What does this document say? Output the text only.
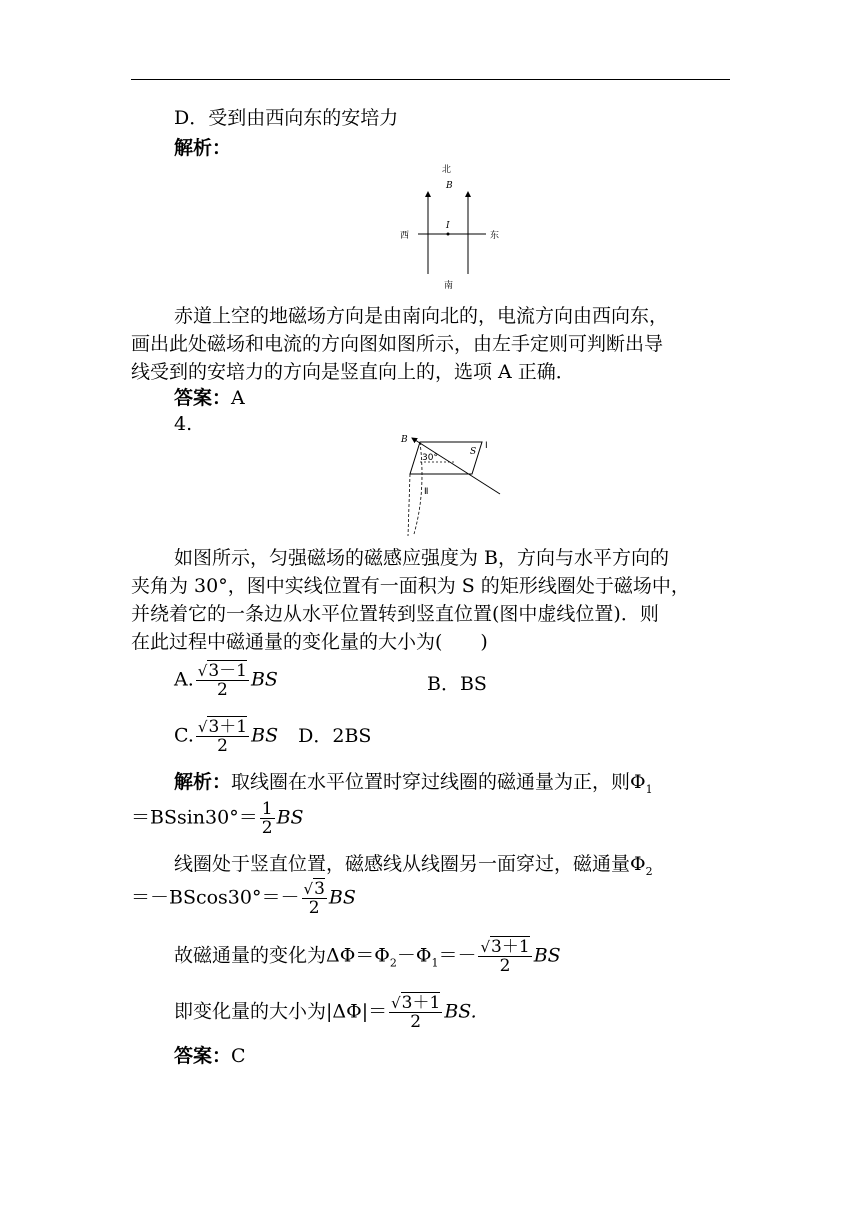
D．受到由西向东的安培力
解析：
北
B
I
西	东
南
赤道上空的地磁场方向是由南向北的，电流方向由西向东，
画出此处磁场和电流的方向图如图所示，由左手定则可判断出导
线受到的安培力的方向是竖直向上的，选项 A 正确．
答案：A
4.
B
30°
S
Ⅰ
Ⅱ
如图所示，匀强磁场的磁感应强度为 B，方向与水平方向的
夹角为 30°，图中实线位置有一面积为 S 的矩形线圈处于磁场中，
并绕着它的一条边从水平位置转到竖直位置(图中虚线位置)．则
在此过程中磁通量的变化量的大小为(　　)
A. $\frac{√3-1}{2}$ BS	B．BS
C. $\frac{√3+1}{2}$ BS D．2BS
解析：取线圈在水平位置时穿过线圈的磁通量为正，则$\Phi_1$
$=BSsin30^\circ= \frac{1}{2}$ BS
线圈处于竖直位置，磁感线从线圈另一面穿过，磁通量$\Phi_2$
$=-BScos30^\circ=- \frac{√3}{2}$ BS
故磁通量的变化为$\Delta\Phi=\Phi_2-\Phi_1=- \frac{√3+1}{2}$ BS
即变化量的大小为$|\Delta\Phi|= \frac{√3+1}{2}$ BS.
答案：C
